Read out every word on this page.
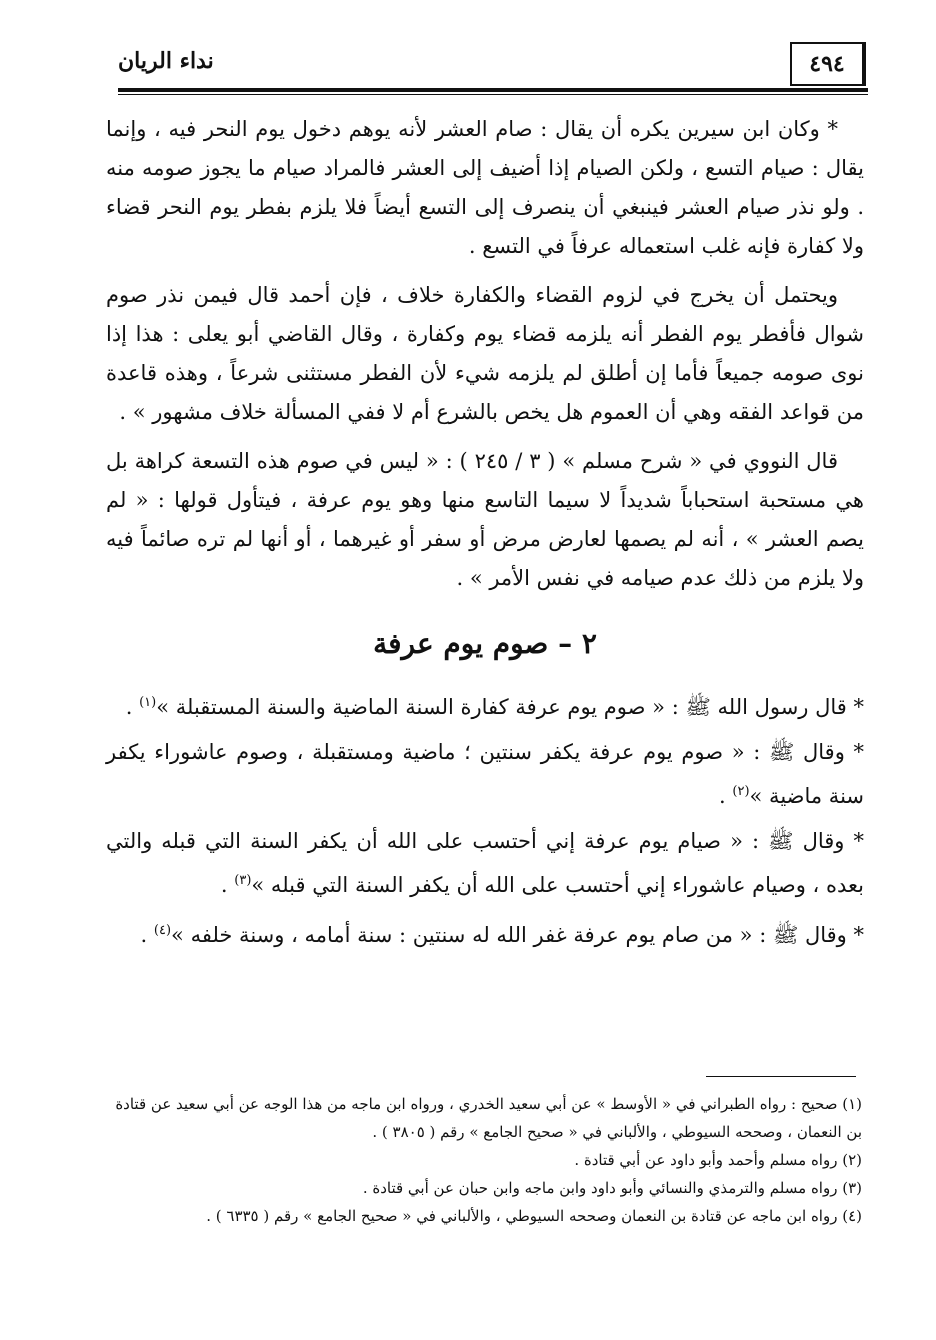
٤٩٤
نداء الريان

* وكان ابن سيرين يكره أن يقال : صام العشر لأنه يوهم دخول يوم النحر فيه ، وإنما يقال : صيام التسع ، ولكن الصيام إذا أضيف إلى العشر فالمراد صيام ما يجوز صومه منه . ولو نذر صيام العشر فينبغي أن ينصرف إلى التسع أيضاً فلا يلزم بفطر يوم النحر قضاء ولا كفارة فإنه غلب استعماله عرفاً في التسع .

ويحتمل أن يخرج في لزوم القضاء والكفارة خلاف ، فإن أحمد قال فيمن نذر صوم شوال فأفطر يوم الفطر أنه يلزمه قضاء يوم وكفارة ، وقال القاضي أبو يعلى : هذا إذا نوى صومه جميعاً فأما إن أطلق لم يلزمه شيء لأن الفطر مستثنى شرعاً ، وهذه قاعدة من قواعد الفقه وهي أن العموم هل يخص بالشرع أم لا ففي المسألة خلاف مشهور » .

قال النووي في « شرح مسلم » ( ٣ / ٢٤٥ ) : « ليس في صوم هذه التسعة كراهة بل هي مستحبة استحباباً شديداً لا سيما التاسع منها وهو يوم عرفة ، فيتأول قولها : « لم يصم العشر » ، أنه لم يصمها لعارض مرض أو سفر أو غيرهما ، أو أنها لم تره صائماً فيه ولا يلزم من ذلك عدم صيامه في نفس الأمر » .

٢ – صوم يوم عرفة

* قال رسول الله ﷺ : « صوم يوم عرفة كفارة السنة الماضية والسنة المستقبلة »$^{(١)}$ .

* وقال ﷺ : « صوم يوم عرفة يكفر سنتين ؛ ماضية ومستقبلة ، وصوم عاشوراء يكفر سنة ماضية »$^{(٢)}$ .

* وقال ﷺ : « صيام يوم عرفة إني أحتسب على الله أن يكفر السنة التي قبله والتي بعده ، وصيام عاشوراء إني أحتسب على الله أن يكفر السنة التي قبله »$^{(٣)}$ .

* وقال ﷺ : « من صام يوم عرفة غفر الله له سنتين : سنة أمامه ، وسنة خلفه »$^{(٤)}$ .

(١) صحيح : رواه الطبراني في « الأوسط » عن أبي سعيد الخدري ، ورواه ابن ماجه من هذا الوجه عن أبي سعيد عن قتادة بن النعمان ، وصححه السيوطي ، والألباني في « صحيح الجامع » رقم ( ٣٨٠٥ ) .

(٢) رواه مسلم وأحمد وأبو داود عن أبي قتادة .

(٣) رواه مسلم والترمذي والنسائي وأبو داود وابن ماجه وابن حبان عن أبي قتادة .

(٤) رواه ابن ماجه عن قتادة بن النعمان وصححه السيوطي ، والألباني في « صحيح الجامع » رقم ( ٦٣٣٥ ) .
